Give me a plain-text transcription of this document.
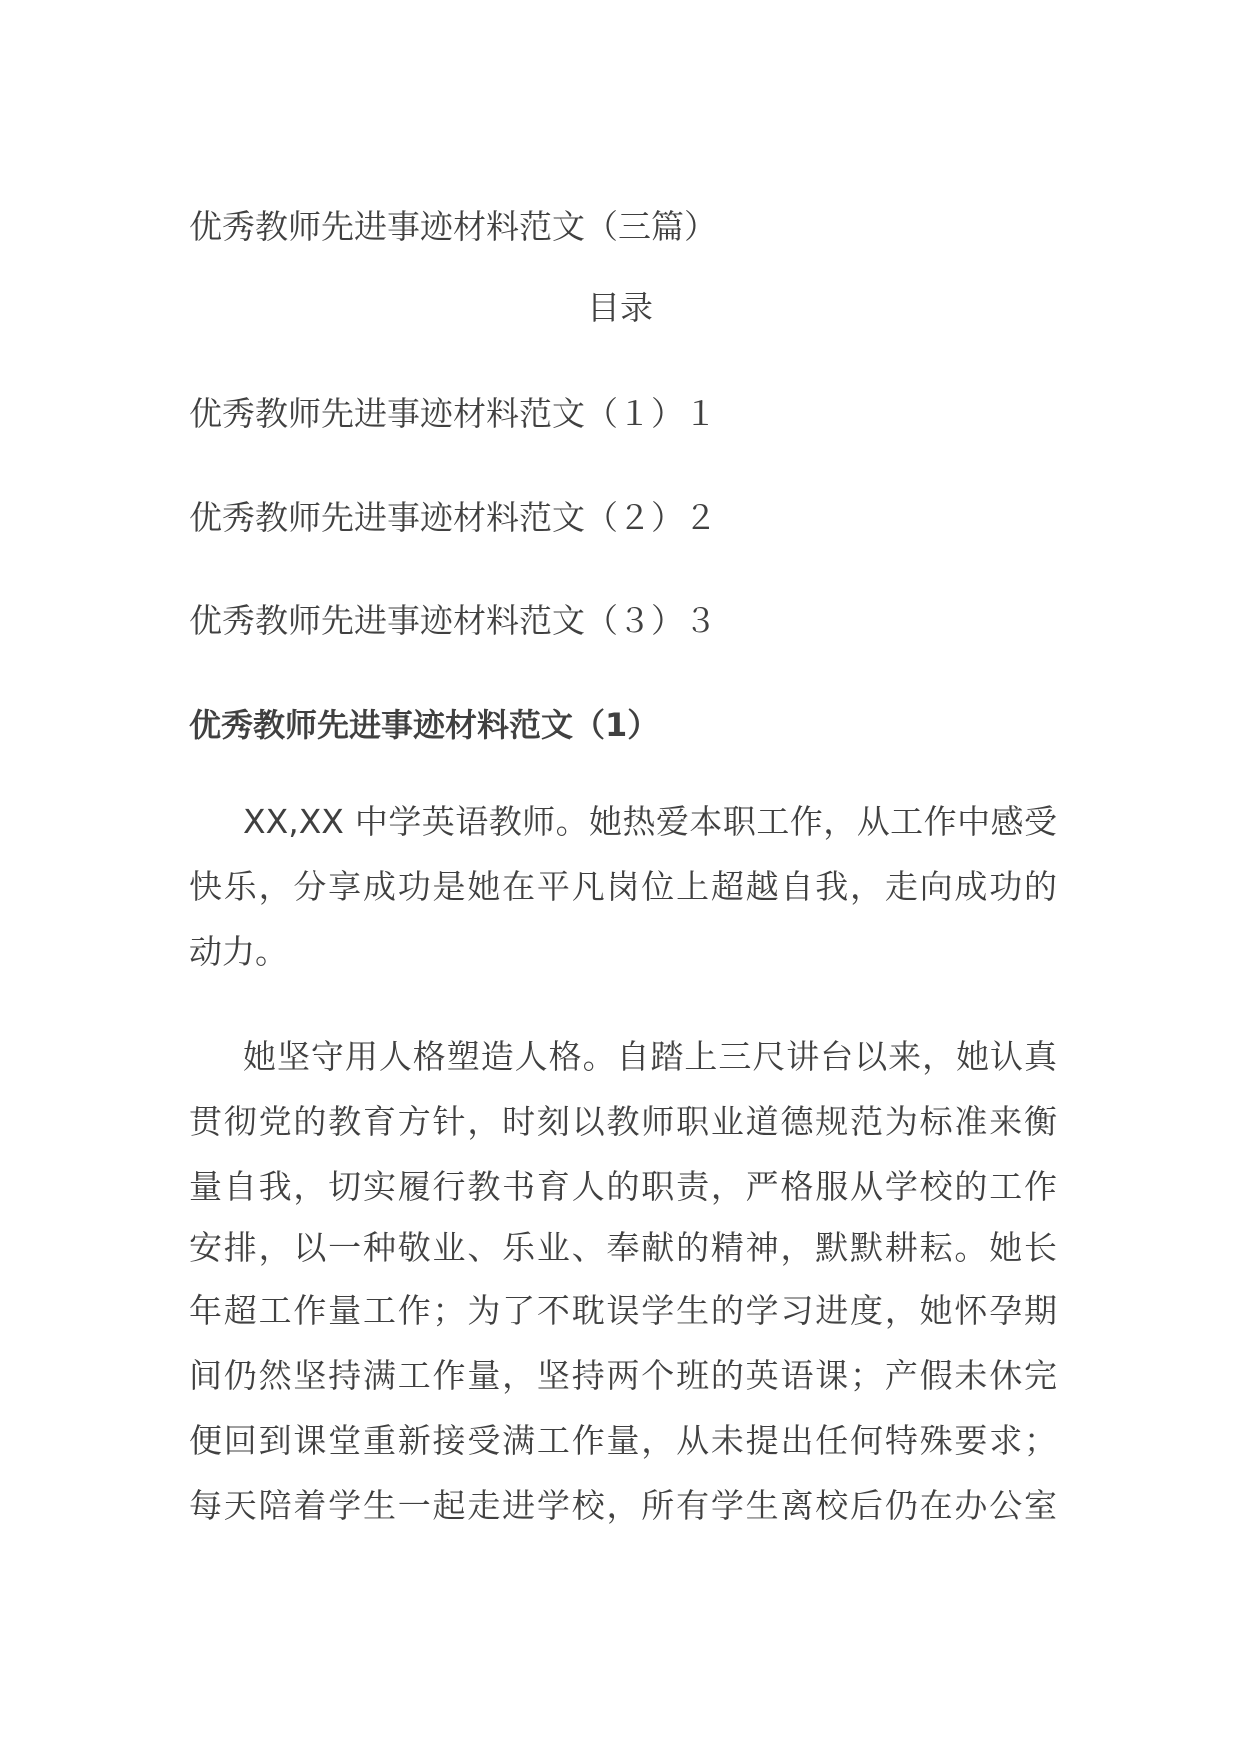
优秀教师先进事迹材料范文（三篇）
目录
优秀教师先进事迹材料范文（１）１
优秀教师先进事迹材料范文（２）２
优秀教师先进事迹材料范文（３）３
优秀教师先进事迹材料范文（1）
XX,XX 中学英语教师。她热爱本职工作，从工作中感受
快乐，分享成功是她在平凡岗位上超越自我，走向成功的
动力。
她坚守用人格塑造人格。自踏上三尺讲台以来，她认真
贯彻党的教育方针，时刻以教师职业道德规范为标准来衡
量自我，切实履行教书育人的职责，严格服从学校的工作
安排，以一种敬业、乐业、奉献的精神，默默耕耘。她长
年超工作量工作；为了不耽误学生的学习进度，她怀孕期
间仍然坚持满工作量，坚持两个班的英语课；产假未休完
便回到课堂重新接受满工作量，从未提出任何特殊要求；
每天陪着学生一起走进学校，所有学生离校后仍在办公室
